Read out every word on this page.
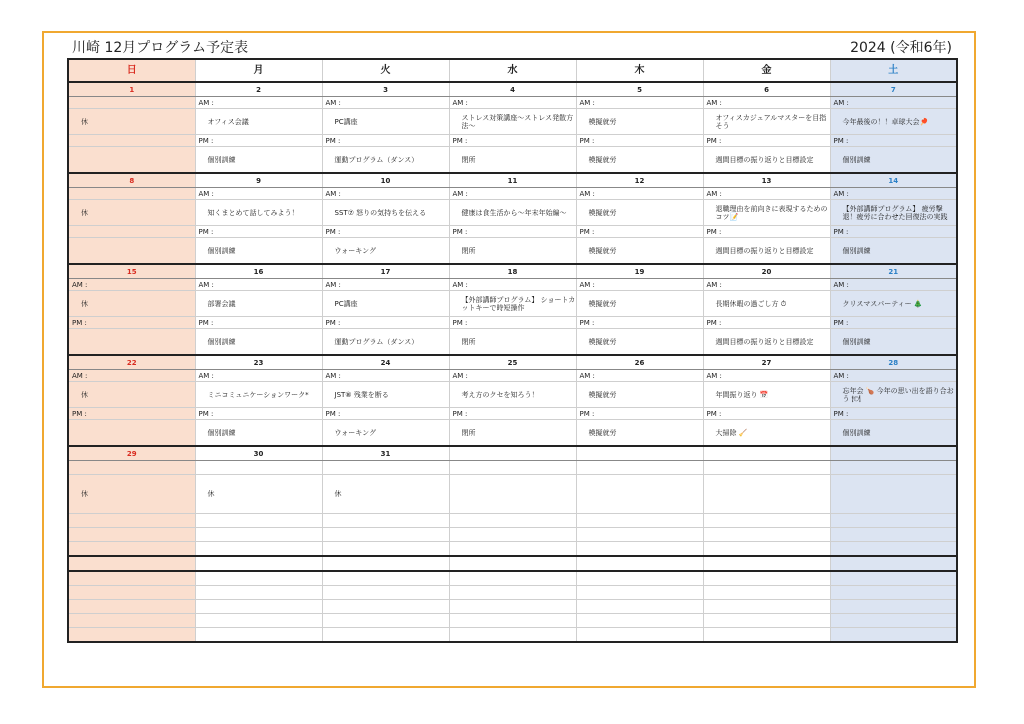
川崎 12月プログラム予定表	2024 (令和6年)
日	月	火	水	木	金	土
1	2	3	4	5	6	7
	AM :	AM :	AM :	AM :	AM :	AM :
休	オフィス会議	PC講座	ストレス対策講座〜ストレス発散方法〜	模擬就労	オフィスカジュアルマスターを目指そう	今年最後の！！卓球大会🏓
	PM :	PM :	PM :	PM :	PM :	PM :
	個別訓練	運動プログラム（ダンス）	閉所	模擬就労	週間目標の振り返りと目標設定	個別訓練
8	9	10	11	12	13	14
	AM :	AM :	AM :	AM :	AM :	AM :
休	知くまとめて話してみよう！	SST⑦ 怒りの気持ちを伝える	健康は食生活から〜年末年始編〜	模擬就労	退職理由を前向きに表現するためのコツ📝	【外部講師プログラム】 疲労撃退！疲労に合わせた回復法の実践
	PM :	PM :	PM :	PM :	PM :	PM :
	個別訓練	ウォーキング	閉所	模擬就労	週間目標の振り返りと目標設定	個別訓練
15	16	17	18	19	20	21
AM :	AM :	AM :	AM :	AM :	AM :	AM :
休	部署会議	PC講座	【外部講師プログラム】 ショートカットキーで時短操作	模擬就労	長期休暇の過ごし方 ⏱	クリスマスパーティー 🎄
PM :	PM :	PM :	PM :	PM :	PM :	PM :
	個別訓練	運動プログラム（ダンス）	閉所	模擬就労	週間目標の振り返りと目標設定	個別訓練
22	23	24	25	26	27	28
AM :	AM :	AM :	AM :	AM :	AM :	AM :
休	ミニコミュニケーションワーク*	JST⑧ 残業を断る	考え方のクセを知ろう！	模擬就労	年間振り返り 📅	忘年会 🍗 今年の思い出を語り合おう 🍽
PM :	PM :	PM :	PM :	PM :	PM :	PM :
	個別訓練	ウォーキング	閉所	模擬就労	大掃除 🧹	個別訓練
29	30	31				

休	休	休				
